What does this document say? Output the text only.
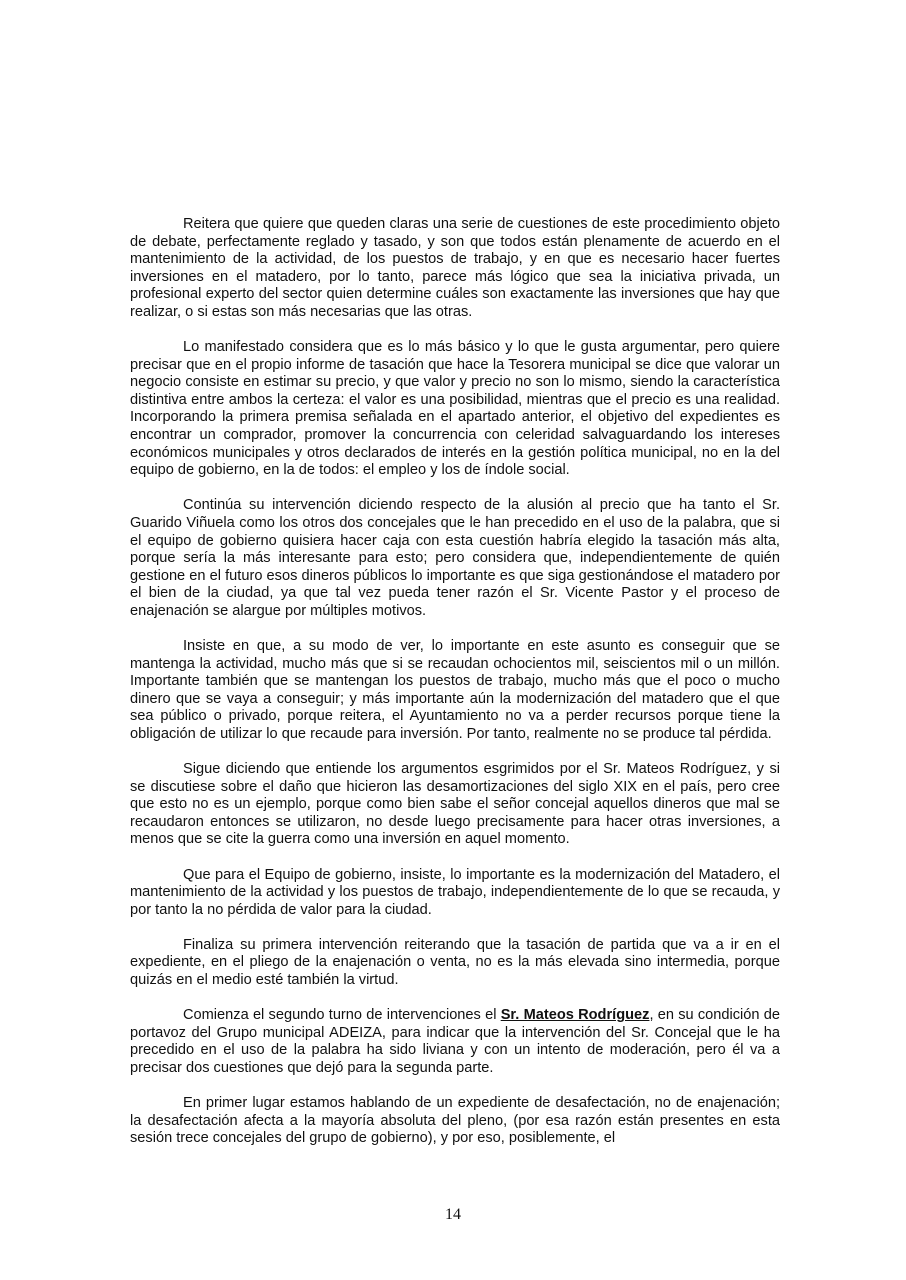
Reitera que quiere que queden claras una serie de cuestiones de este procedimiento objeto de debate, perfectamente reglado y tasado, y son que todos están plenamente de acuerdo en el mantenimiento de la actividad, de los puestos de trabajo, y en que es necesario hacer fuertes inversiones en el matadero, por lo tanto, parece más lógico que sea la iniciativa privada, un profesional experto del sector quien determine cuáles son exactamente las inversiones que hay que realizar, o si estas son más necesarias que las otras.

Lo manifestado considera que es lo más básico y lo que le gusta argumentar, pero quiere precisar que en el propio informe de tasación que hace la Tesorera municipal se dice que valorar un negocio consiste en estimar su precio, y que valor y precio no son lo mismo, siendo la característica distintiva entre ambos la certeza: el valor es una posibilidad, mientras que el precio es una realidad. Incorporando la primera premisa señalada en el apartado anterior, el objetivo del expedientes es encontrar un comprador, promover la concurrencia con celeridad salvaguardando los intereses económicos municipales y otros declarados de interés en la gestión política municipal, no en la del equipo de gobierno, en la de todos: el empleo y los de índole social.

Continúa su intervención diciendo respecto de la alusión al precio que ha tanto el Sr. Guarido Viñuela como los otros dos concejales que le han precedido en el uso de la palabra, que si el equipo de gobierno quisiera hacer caja con esta cuestión habría elegido la tasación más alta, porque sería la más interesante para esto; pero considera que, independientemente de quién gestione en el futuro esos dineros públicos lo importante es que siga gestionándose el matadero por el bien de la ciudad, ya que tal vez pueda tener razón el Sr. Vicente Pastor y el proceso de enajenación se alargue por múltiples motivos.

Insiste en que, a su modo de ver, lo importante en este asunto es conseguir que se mantenga la actividad, mucho más que si se recaudan ochocientos mil, seiscientos mil o un millón. Importante también que se mantengan los puestos de trabajo, mucho más que el poco o mucho dinero que se vaya a conseguir; y más importante aún la modernización del matadero que el que sea público o privado, porque reitera, el Ayuntamiento no va a perder recursos porque tiene la obligación de utilizar lo que recaude para inversión. Por tanto, realmente no se produce tal pérdida.

Sigue diciendo que entiende los argumentos esgrimidos por el Sr. Mateos Rodríguez, y si se discutiese sobre el daño que hicieron las desamortizaciones del siglo XIX en el país, pero cree que esto no es un ejemplo, porque como bien sabe el señor concejal aquellos dineros que mal se recaudaron entonces se utilizaron, no desde luego precisamente para hacer otras inversiones, a menos que se cite la guerra como una inversión en aquel momento.

Que para el Equipo de gobierno, insiste, lo importante es la modernización del Matadero, el mantenimiento de la actividad y los puestos de trabajo, independientemente de lo que se recauda, y por tanto la no pérdida de valor para la ciudad.

Finaliza su primera intervención reiterando que la tasación de partida que va a ir en el expediente, en el pliego de la enajenación o venta, no es la más elevada sino intermedia, porque quizás en el medio esté también la virtud.

Comienza el segundo turno de intervenciones el Sr. Mateos Rodríguez, en su condición de portavoz del Grupo municipal ADEIZA, para indicar que la intervención del Sr. Concejal que le ha precedido en el uso de la palabra ha sido liviana y con un intento de moderación, pero él va a precisar dos cuestiones que dejó para la segunda parte.

En primer lugar estamos hablando de un expediente de desafectación, no de enajenación; la desafectación afecta a la mayoría absoluta del pleno, (por esa razón están presentes en esta sesión trece concejales del grupo de gobierno), y por eso, posiblemente, el

14
